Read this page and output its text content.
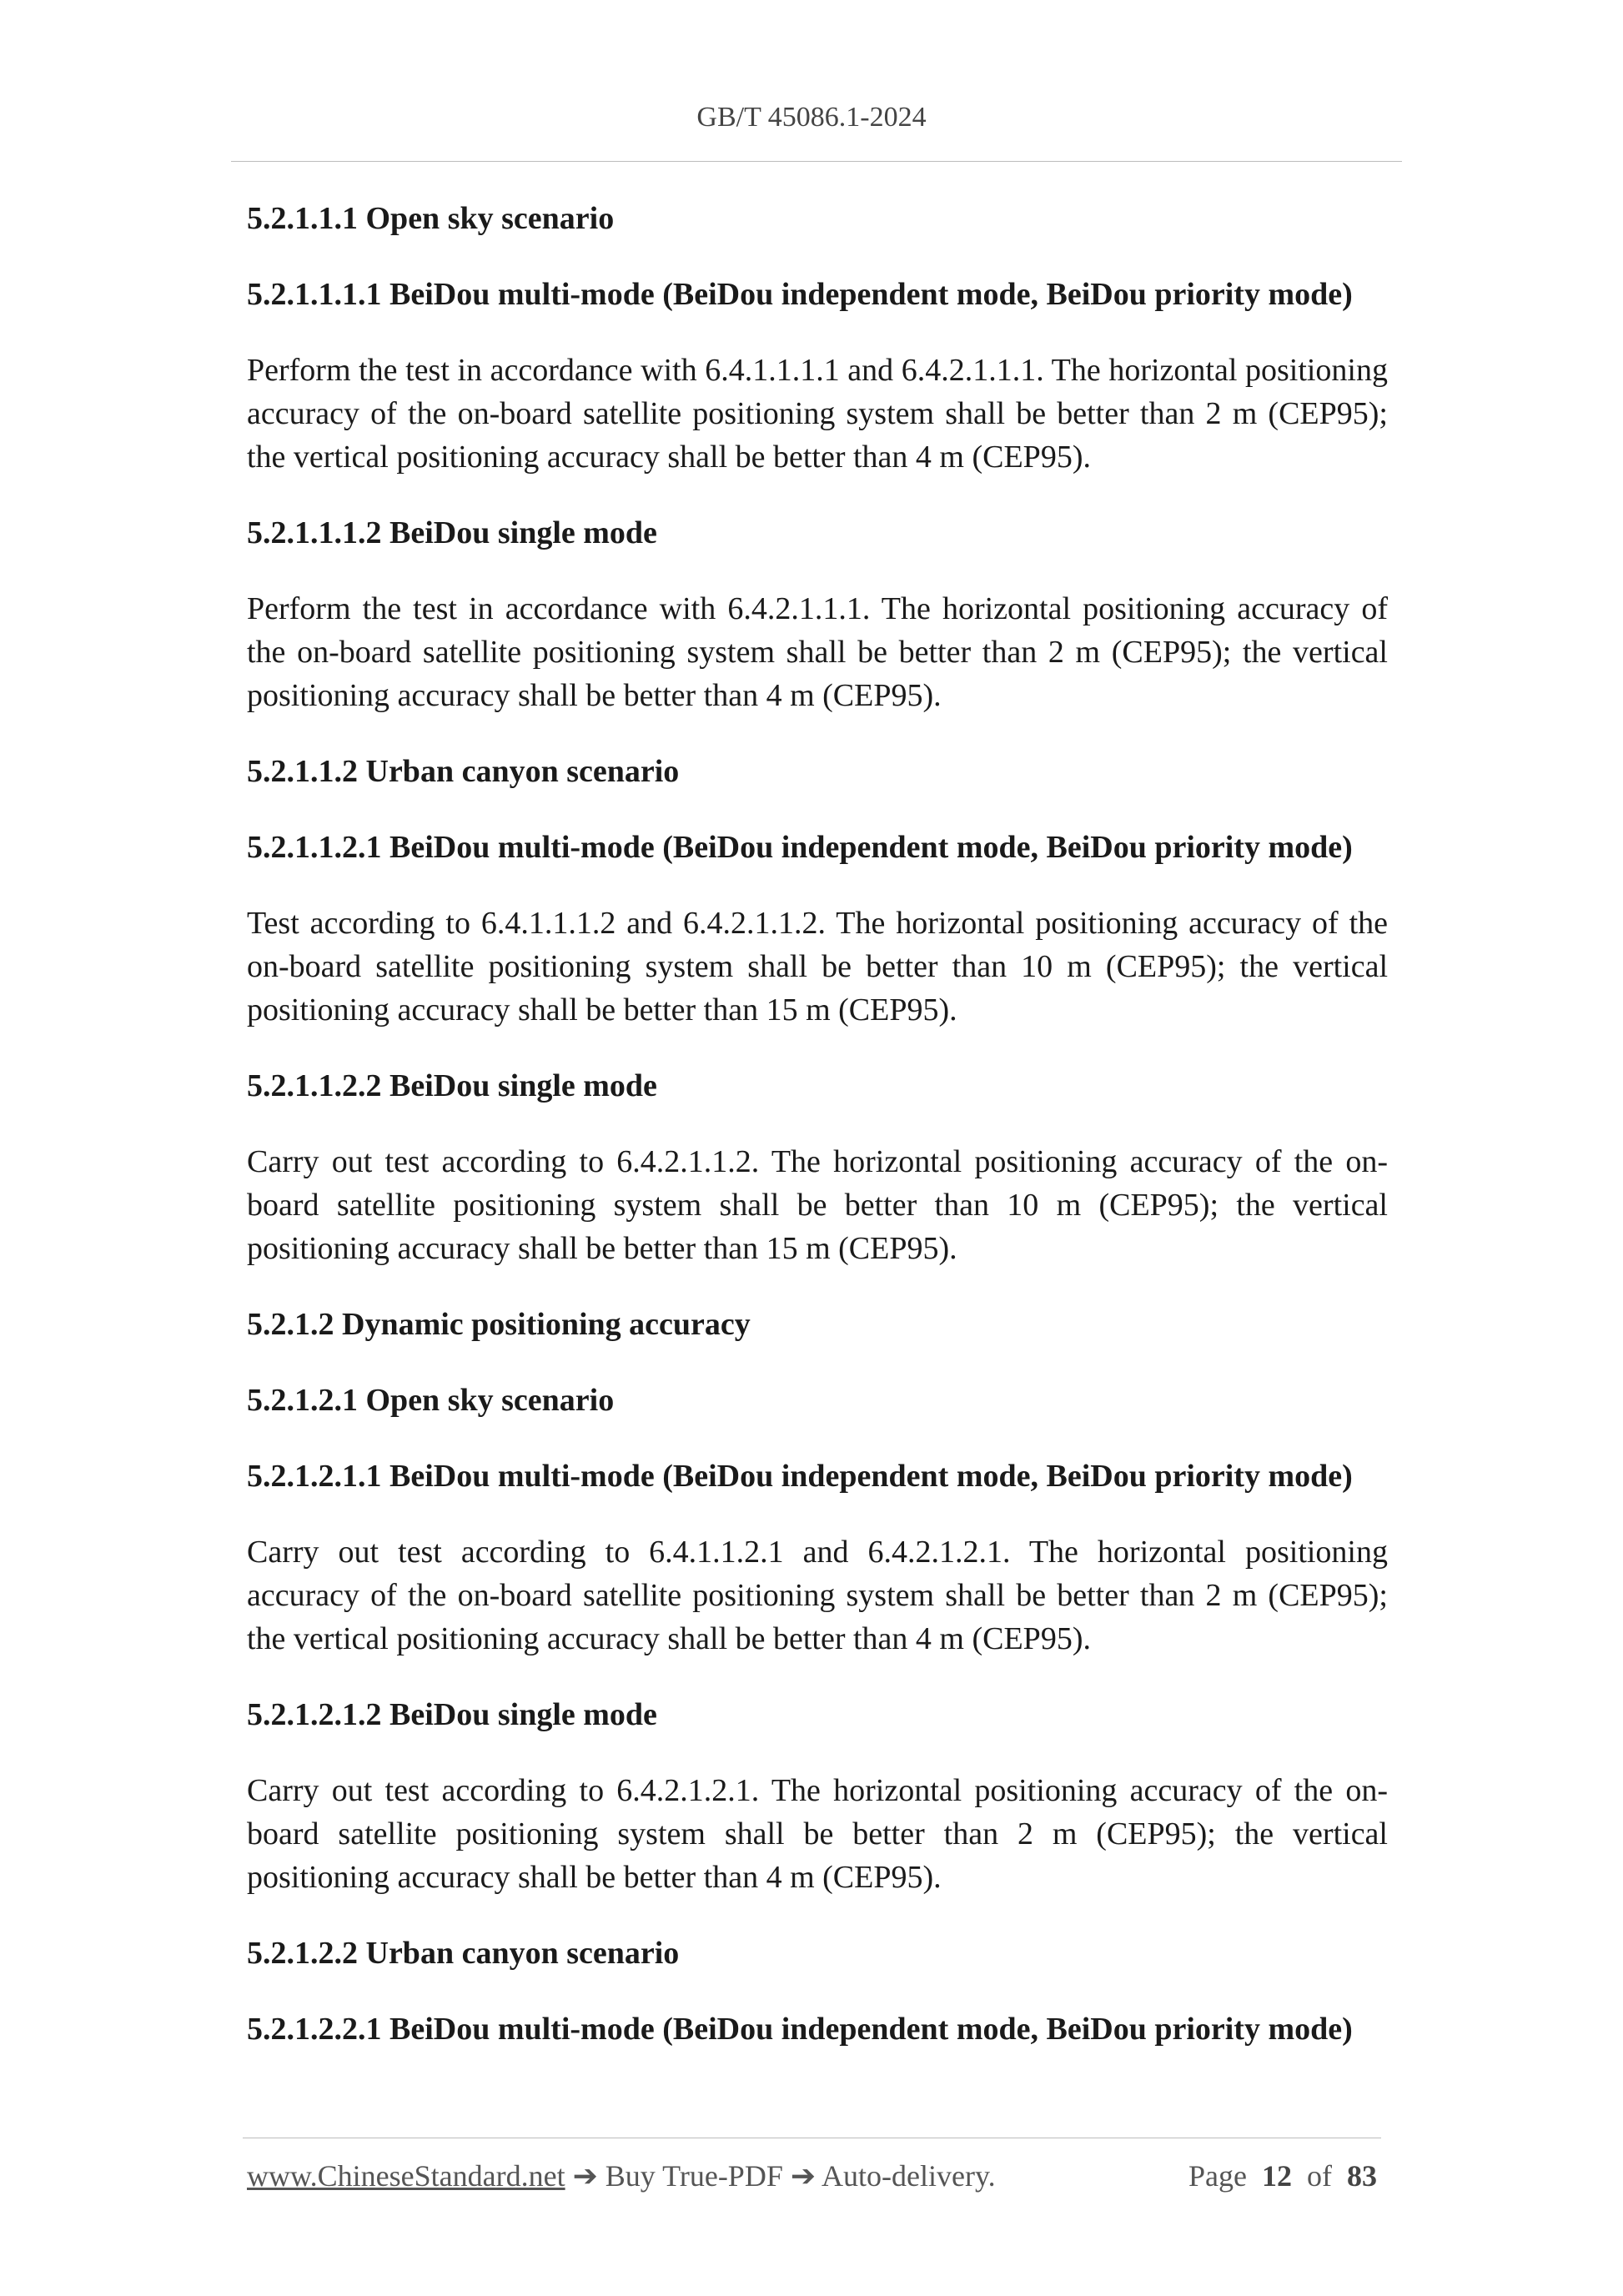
GB/T 45086.1-2024
5.2.1.1.1 Open sky scenario
5.2.1.1.1.1 BeiDou multi-mode (BeiDou independent mode, BeiDou priority mode)
Perform the test in accordance with 6.4.1.1.1.1 and 6.4.2.1.1.1. The horizontal positioning accuracy of the on-board satellite positioning system shall be better than 2 m (CEP95); the vertical positioning accuracy shall be better than 4 m (CEP95).
5.2.1.1.1.2 BeiDou single mode
Perform the test in accordance with 6.4.2.1.1.1. The horizontal positioning accuracy of the on-board satellite positioning system shall be better than 2 m (CEP95); the vertical positioning accuracy shall be better than 4 m (CEP95).
5.2.1.1.2 Urban canyon scenario
5.2.1.1.2.1 BeiDou multi-mode (BeiDou independent mode, BeiDou priority mode)
Test according to 6.4.1.1.1.2 and 6.4.2.1.1.2. The horizontal positioning accuracy of the on-board satellite positioning system shall be better than 10 m (CEP95); the vertical positioning accuracy shall be better than 15 m (CEP95).
5.2.1.1.2.2 BeiDou single mode
Carry out test according to 6.4.2.1.1.2. The horizontal positioning accuracy of the on-board satellite positioning system shall be better than 10 m (CEP95); the vertical positioning accuracy shall be better than 15 m (CEP95).
5.2.1.2 Dynamic positioning accuracy
5.2.1.2.1 Open sky scenario
5.2.1.2.1.1 BeiDou multi-mode (BeiDou independent mode, BeiDou priority mode)
Carry out test according to 6.4.1.1.2.1 and 6.4.2.1.2.1. The horizontal positioning accuracy of the on-board satellite positioning system shall be better than 2 m (CEP95); the vertical positioning accuracy shall be better than 4 m (CEP95).
5.2.1.2.1.2 BeiDou single mode
Carry out test according to 6.4.2.1.2.1. The horizontal positioning accuracy of the on-board satellite positioning system shall be better than 2 m (CEP95); the vertical positioning accuracy shall be better than 4 m (CEP95).
5.2.1.2.2 Urban canyon scenario
5.2.1.2.2.1 BeiDou multi-mode (BeiDou independent mode, BeiDou priority mode)
www.ChineseStandard.net ➔ Buy True-PDF ➔ Auto-delivery.	Page 12 of 83
